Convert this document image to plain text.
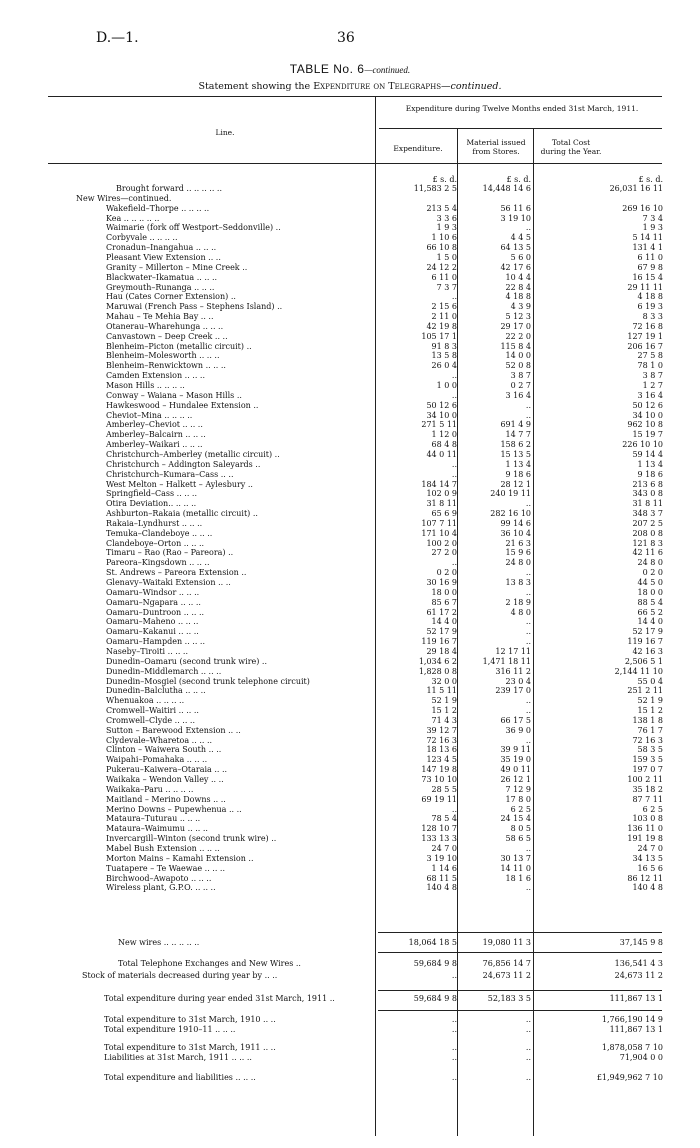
D.—1.	36
TABLE No. 6—continued.
Statement showing the Expenditure on Telegraphs—continued.
Line.
Expenditure during Twelve Months ended 31st March, 1911.
Expenditure.
Material issued from Stores.
Total Cost during the Year.
£ s. d.	£ s. d.	£ s. d.
Brought forward .. .. .. .. ..	11,583 2 5	14,448 14 6	26,031 16 11
New Wires—continued.
Wakefield–Thorpe .. .. .. ..	213 5 4	56 11 6	269 16 10
Kea .. .. .. .. ..	3 3 6	3 19 10	7 3 4
Waimarie (fork off Westport–Seddonville) ..	1 9 3	..	1 9 3
Corbyvale .. .. .. ..	1 10 6	4 4 5	5 14 11
Cronadun–Inangahua .. .. ..	66 10 8	64 13 5	131 4 1
Pleasant View Extension .. ..	1 5 0	5 6 0	6 11 0
Granity – Millerton – Mine Creek ..	24 12 2	42 17 6	67 9 8
Blackwater–Ikamatua .. .. ..	6 11 0	10 4 4	16 15 4
Greymouth–Runanga .. .. ..	7 3 7	22 8 4	29 11 11
Hau (Cates Corner Extension) ..	..	4 18 8	4 18 8
Maruwai (French Pass – Stephens Island) ..	2 15 6	4 3 9	6 19 3
Mahau – Te Mehia Bay .. ..	2 11 0	5 12 3	8 3 3
Otanerau–Wharehunga .. .. ..	42 19 8	29 17 0	72 16 8
Canvastown – Deep Creek .. ..	105 17 1	22 2 0	127 19 1
Blenheim–Picton (metallic circuit) ..	91 8 3	115 8 4	206 16 7
Blenheim–Molesworth .. .. ..	13 5 8	14 0 0	27 5 8
Blenheim–Renwicktown .. .. ..	26 0 4	52 0 8	78 1 0
Camden Extension .. .. ..	..	3 8 7	3 8 7
Mason Hills .. .. .. ..	1 0 0	0 2 7	1 2 7
Conway – Waiana – Mason Hills ..	..	3 16 4	3 16 4
Hawkeswood – Hundalee Extension ..	50 12 6	..	50 12 6
Cheviot–Mina .. .. .. ..	34 10 0	..	34 10 0
Amberley–Cheviot .. .. ..	271 5 11	691 4 9	962 10 8
Amberley–Balcairn .. .. ..	1 12 0	14 7 7	15 19 7
Amberley–Waikari .. .. ..	68 4 8	158 6 2	226 10 10
Christchurch–Amberley (metallic circuit) ..	44 0 11	15 13 5	59 14 4
Christchurch – Addington Saleyards ..	..	1 13 4	1 13 4
Christchurch–Kumara–Cass .. ..	..	9 18 6	9 18 6
West Melton – Halkett – Aylesbury ..	184 14 7	28 12 1	213 6 8
Springfield–Cass .. .. ..	102 0 9	240 19 11	343 0 8
Otira Deviation.. .. .. ..	31 8 11	..	31 8 11
Ashburton–Rakaia (metallic circuit) ..	65 6 9	282 16 10	348 3 7
Rakaia–Lyndhurst .. .. ..	107 7 11	99 14 6	207 2 5
Temuka–Clandeboye .. .. ..	171 10 4	36 10 4	208 0 8
Clandeboye–Orton .. .. ..	100 2 0	21 6 3	121 8 3
Timaru – Rao (Rao – Pareora) ..	27 2 0	15 9 6	42 11 6
Pareora–Kingsdown .. .. ..	..	24 8 0	24 8 0
St. Andrews – Pareora Extension ..	0 2 0	..	0 2 0
Glenavy–Waitaki Extension .. ..	30 16 9	13 8 3	44 5 0
Oamaru–Windsor .. .. ..	18 0 0	..	18 0 0
Oamaru–Ngapara .. .. ..	85 6 7	2 18 9	88 5 4
Oamaru–Duntroon .. .. ..	61 17 2	4 8 0	66 5 2
Oamaru–Maheno .. .. ..	14 4 0	..	14 4 0
Oamaru–Kakanui .. .. ..	52 17 9	..	52 17 9
Oamaru–Hampden .. .. ..	119 16 7	..	119 16 7
Naseby–Tiroiti .. .. ..	29 18 4	12 17 11	42 16 3
Dunedin–Oamaru (second trunk wire) ..	1,034 6 2	1,471 18 11	2,506 5 1
Dunedin–Middlemarch .. .. ..	1,828 0 8	316 11 2	2,144 11 10
Dunedin–Mosgiel (second trunk telephone circuit)	32 0 0	23 0 4	55 0 4
Dunedin–Balclutha .. .. ..	11 5 11	239 17 0	251 2 11
Whenuakoa .. .. .. ..	52 1 9	..	52 1 9
Cromwell–Waitiri .. .. ..	15 1 2	..	15 1 2
Cromwell–Clyde .. .. ..	71 4 3	66 17 5	138 1 8
Sutton – Barewood Extension .. ..	39 12 7	36 9 0	76 1 7
Clydevale–Wharetoa .. .. ..	72 16 3	..	72 16 3
Clinton – Waiwera South .. ..	18 13 6	39 9 11	58 3 5
Waipahi–Pomahaka .. .. ..	123 4 5	35 19 0	159 3 5
Pukerau–Kaiwera–Otaraia .. ..	147 19 8	49 0 11	197 0 7
Waikaka – Wendon Valley .. ..	73 10 10	26 12 1	100 2 11
Waikaka–Paru .. .. .. ..	28 5 5	7 12 9	35 18 2
Maitland – Merino Downs .. ..	69 19 11	17 8 0	87 7 11
Merino Downs – Pupewhenua .. ..	..	6 2 5	6 2 5
Mataura–Tuturau .. .. ..	78 5 4	24 15 4	103 0 8
Mataura–Waimumu .. .. ..	128 10 7	8 0 5	136 11 0
Invercargill–Winton (second trunk wire) ..	133 13 3	58 6 5	191 19 8
Mabel Bush Extension .. .. ..	24 7 0	..	24 7 0
Morton Mains – Kamahi Extension ..	3 19 10	30 13 7	34 13 5
Tuatapere – Te Waewae .. .. ..	1 14 6	14 11 0	16 5 6
Birchwood–Awapoto .. .. ..	68 11 5	18 1 6	86 12 11
Wireless plant, G.P.O. .. .. ..	140 4 8	..	140 4 8
New wires .. .. .. .. ..	18,064 18 5	19,080 11 3	37,145 9 8
Total Telephone Exchanges and New Wires ..	59,684 9 8	76,856 14 7	136,541 4 3
Stock of materials decreased during year by .. ..	..	24,673 11 2	24,673 11 2
Total expenditure during year ended 31st March, 1911 ..	59,684 9 8	52,183 3 5	111,867 13 1
Total expenditure to 31st March, 1910 .. ..	..	..	1,766,190 14 9
Total expenditure 1910–11 .. .. ..	..	..	111,867 13 1
Total expenditure to 31st March, 1911 .. ..	..	..	1,878,058 7 10
Liabilities at 31st March, 1911 .. .. ..	..	..	71,904 0 0
Total expenditure and liabilities .. .. ..	..	..	£1,949,962 7 10
